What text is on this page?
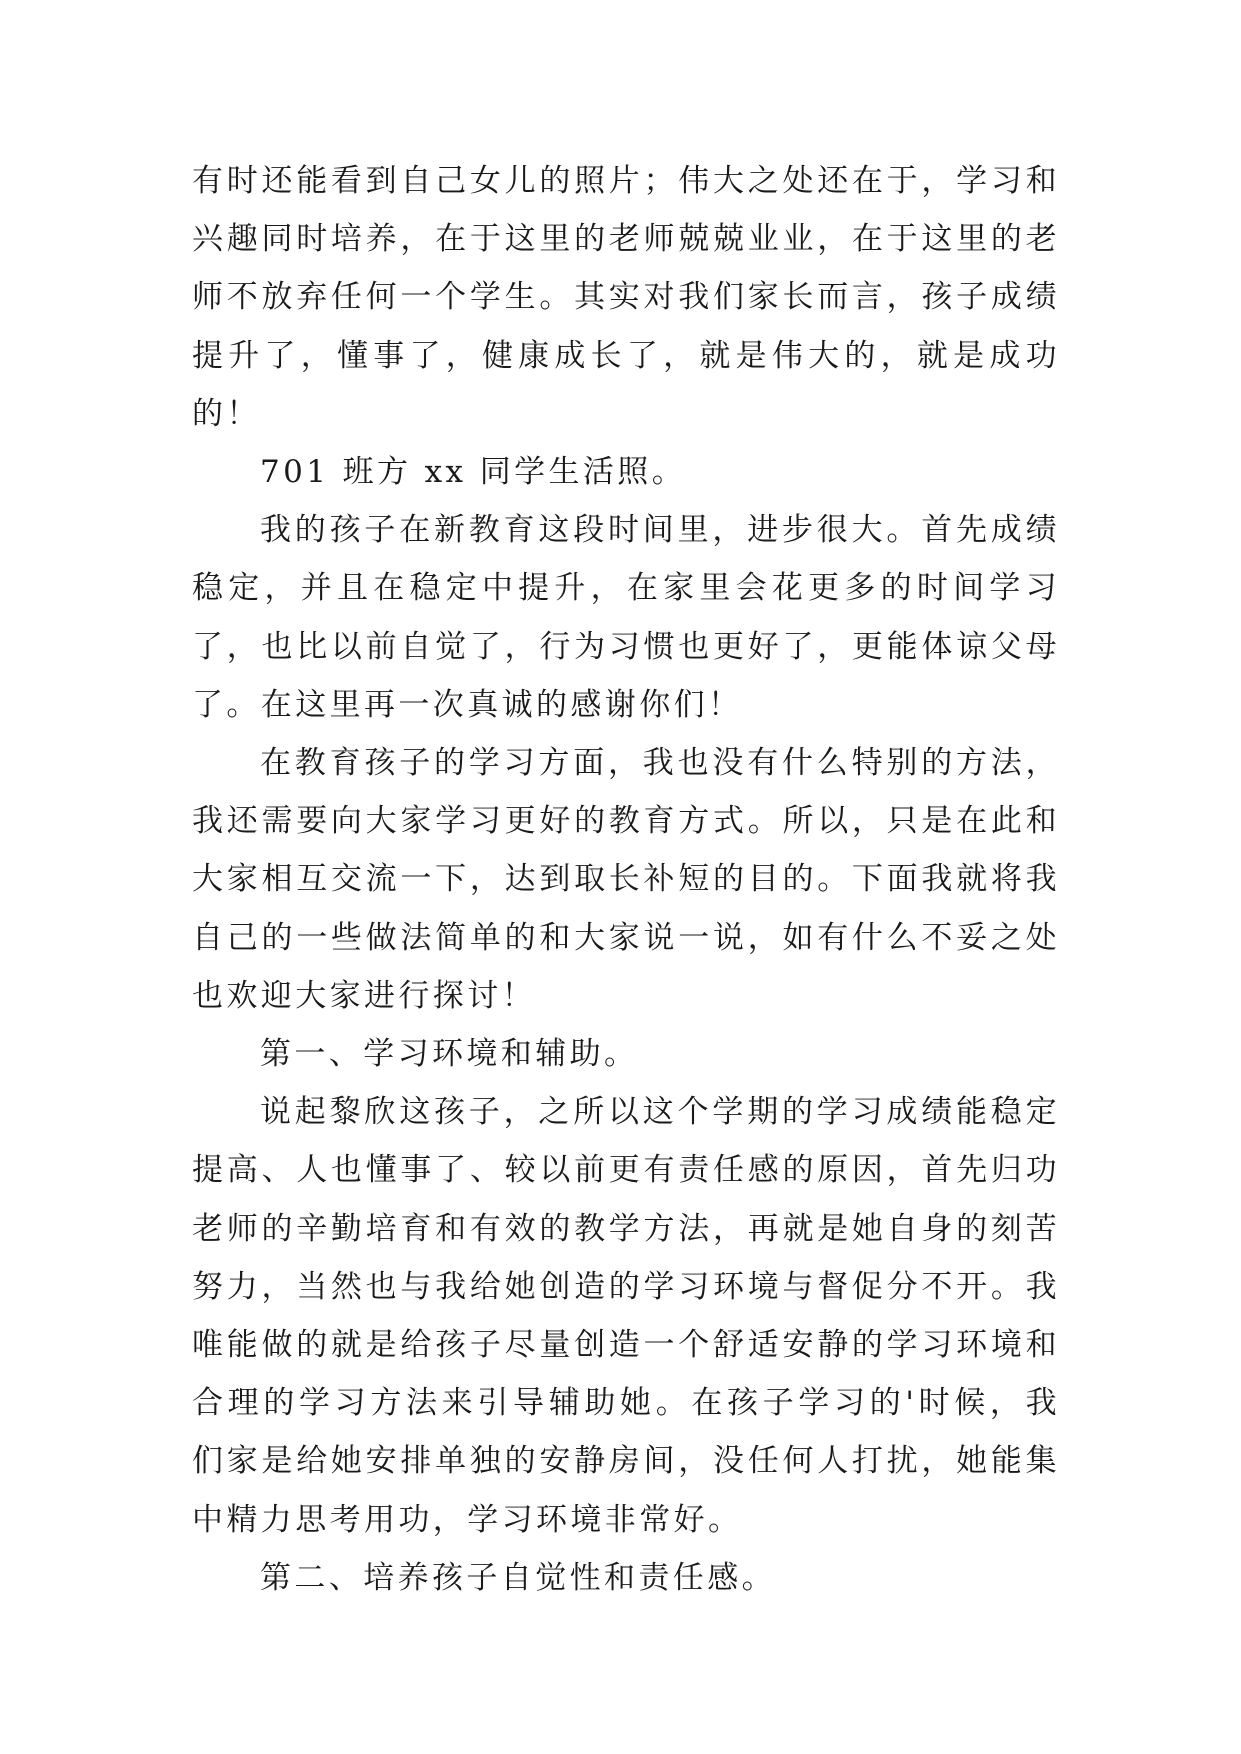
有时还能看到自己女儿的照片；伟大之处还在于，学习和兴趣同时培养，在于这里的老师兢兢业业，在于这里的老师不放弃任何一个学生。其实对我们家长而言，孩子成绩提升了，懂事了，健康成长了，就是伟大的，就是成功的！

701 班方 xx 同学生活照。

我的孩子在新教育这段时间里，进步很大。首先成绩稳定，并且在稳定中提升，在家里会花更多的时间学习了，也比以前自觉了，行为习惯也更好了，更能体谅父母了。在这里再一次真诚的感谢你们！

在教育孩子的学习方面，我也没有什么特别的方法，我还需要向大家学习更好的教育方式。所以，只是在此和大家相互交流一下，达到取长补短的目的。下面我就将我自己的一些做法简单的和大家说一说，如有什么不妥之处也欢迎大家进行探讨！

第一、学习环境和辅助。

说起黎欣这孩子，之所以这个学期的学习成绩能稳定提高、人也懂事了、较以前更有责任感的原因，首先归功老师的辛勤培育和有效的教学方法，再就是她自身的刻苦努力，当然也与我给她创造的学习环境与督促分不开。我唯能做的就是给孩子尽量创造一个舒适安静的学习环境和合理的学习方法来引导辅助她。在孩子学习的'时候，我们家是给她安排单独的安静房间，没任何人打扰，她能集中精力思考用功，学习环境非常好。

第二、培养孩子自觉性和责任感。
